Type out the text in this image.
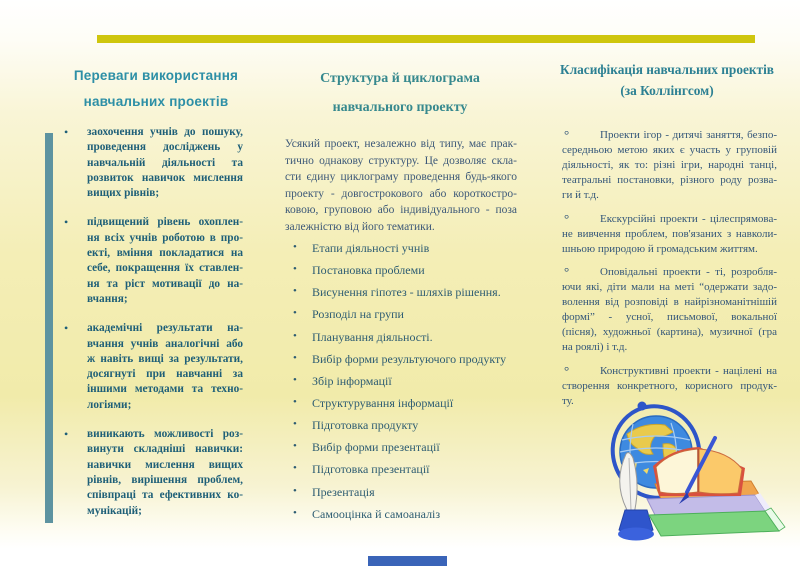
Переваги використання
навчальних проектів
• заохочення учнів до пошуку,
проведення досліджень у
навчальній діяльності та
розвиток навичок мислення
вищих рівнів;
• підвищений рівень охоплен-
ня всіх учнів роботою в про-
екті, вміння покладатися на
себе, покращення їх ставлен-
ня та ріст мотивації до на-
вчання;
• академічні результати на-
вчання учнів аналогічні або
ж навіть вищі за результати,
досягнуті при навчанні за
іншими методами та техно-
логіями;
• виникають можливості роз-
винути складніші навички:
навички мислення вищих
рівнів, вирішення проблем,
співпраці та ефективних ко-
мунікацій;
Структура й циклограма
навчального проекту
Усякий проект, незалежно від типу, має прак-
тично однакову структуру. Це дозволяє скла-
сти єдину циклограму проведення будь-якого
проекту - довгострокового або короткостро-
ковою, груповою або індивідуального - поза
залежністю від його тематики.
• Етапи діяльності учнів
• Постановка проблеми
• Висунення гіпотез - шляхів рішення.
• Розподіл на групи
• Планування діяльності.
• Вибір форми результуючого продукту
• Збір інформації
• Структурування інформації
• Підготовка продукту
• Вибір форми презентації
• Підготовка презентації
• Презентація
• Самооцінка й самоаналіз
Класифікація навчальних проектів
(за Коллінгсом)
°	Проекти ігор - дитячі заняття, безпо-
середньою метою яких є участь у груповій
діяльності, як то: різні ігри, народні танці,
театральні постановки, різного роду розва-
ги й т.д.
°	Екскурсійні проекти - цілеспрямова-
не вивчення проблем, пов'язаних з навколи-
шньою природою й громадським життям.
°	Оповідальні проекти - ті, розробля-
ючи які, діти мали на меті “одержати задо-
волення від розповіді в найрізноманітнішій
формі” - усної, письмової, вокальної
(пісня), художньої (картина), музичної (гра
на роялі) і т.д.
°	Конструктивні проекти - націлені на
створення конкретного, корисного продук-
ту.
